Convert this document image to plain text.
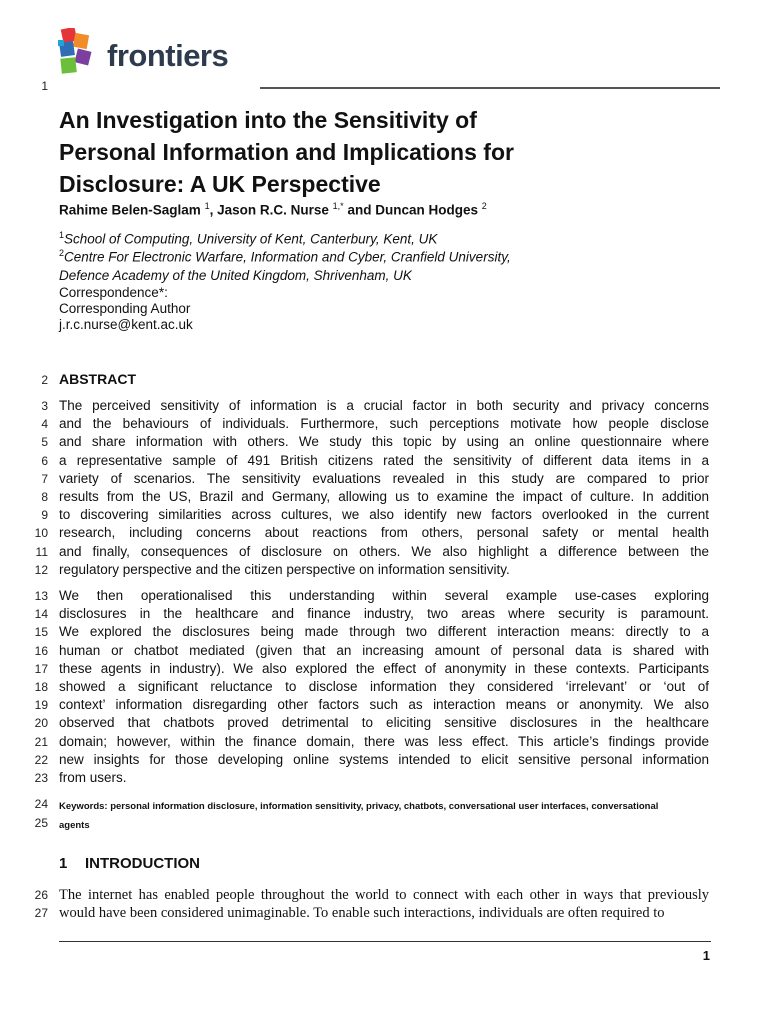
frontiers
1
An Investigation into the Sensitivity of
Personal Information and Implications for
Disclosure: A UK Perspective
Rahime Belen-Saglam $^1$, Jason R.C. Nurse $^{1,*}$ and Duncan Hodges $^2$
$^1$School of Computing, University of Kent, Canterbury, Kent, UK
$^2$Centre For Electronic Warfare, Information and Cyber, Cranfield University,
Defence Academy of the United Kingdom, Shrivenham, UK
Correspondence*:
Corresponding Author
j.r.c.nurse@kent.ac.uk
2 ABSTRACT
The perceived sensitivity of information is a crucial factor in both security and privacy concerns
and the behaviours of individuals. Furthermore, such perceptions motivate how people disclose
and share information with others. We study this topic by using an online questionnaire where
a representative sample of 491 British citizens rated the sensitivity of different data items in a
variety of scenarios. The sensitivity evaluations revealed in this study are compared to prior
results from the US, Brazil and Germany, allowing us to examine the impact of culture. In addition
to discovering similarities across cultures, we also identify new factors overlooked in the current
research, including concerns about reactions from others, personal safety or mental health
and finally, consequences of disclosure on others. We also highlight a difference between the
regulatory perspective and the citizen perspective on information sensitivity.
We then operationalised this understanding within several example use-cases exploring
disclosures in the healthcare and finance industry, two areas where security is paramount.
We explored the disclosures being made through two different interaction means: directly to a
human or chatbot mediated (given that an increasing amount of personal data is shared with
these agents in industry). We also explored the effect of anonymity in these contexts. Participants
showed a significant reluctance to disclose information they considered ‘irrelevant’ or ‘out of
context’ information disregarding other factors such as interaction means or anonymity. We also
observed that chatbots proved detrimental to eliciting sensitive disclosures in the healthcare
domain; however, within the finance domain, there was less effect. This article’s findings provide
new insights for those developing online systems intended to elicit sensitive personal information
from users.
3
4
5
6
7
8
9
10
11
12
13
14
15
16
17
18
19
20
21
22
23
24
25
Keywords: personal information disclosure, information sensitivity, privacy, chatbots, conversational user interfaces, conversational
agents
1 INTRODUCTION
The internet has enabled people throughout the world to connect with each other in ways that previously
would have been considered unimaginable. To enable such interactions, individuals are often required to
26
27
1
